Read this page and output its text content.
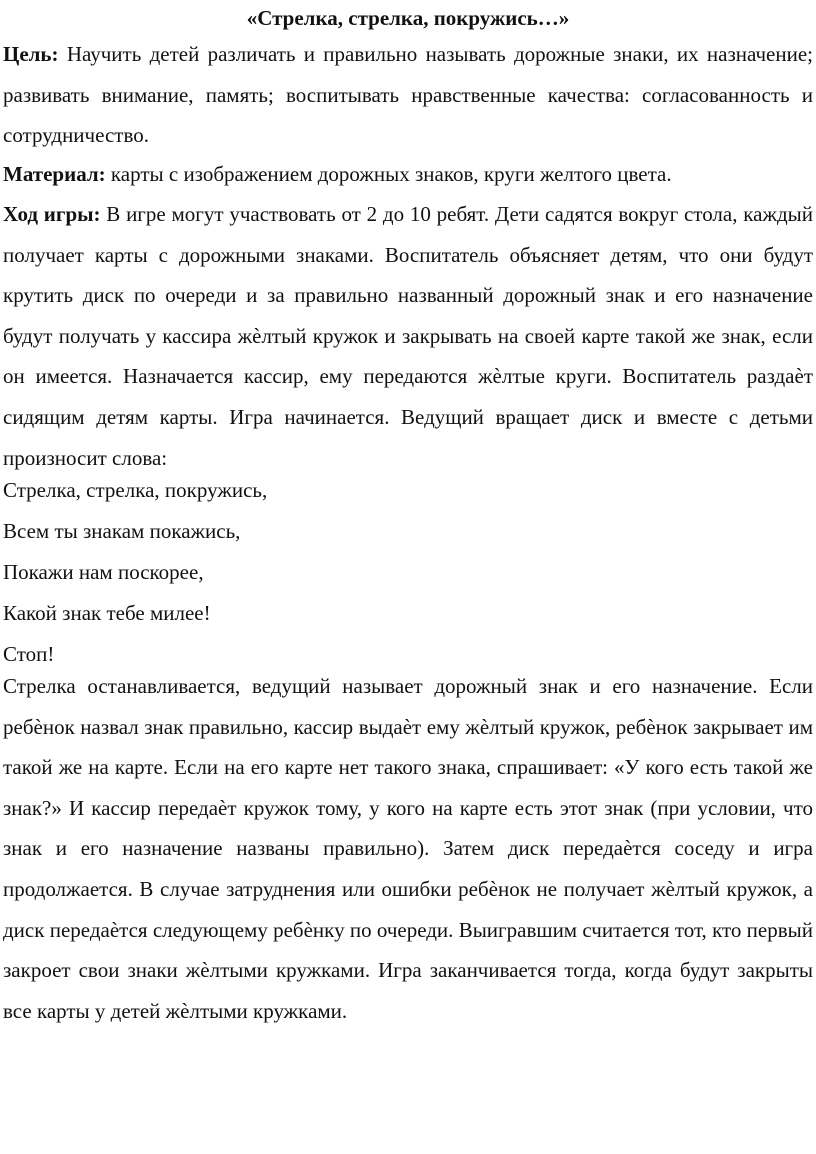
«Стрелка, стрелка, покружись…»

Цель: Научить детей различать и правильно называть дорожные знаки, их назначение; развивать внимание, память; воспитывать нравственные качества: согласованность и сотрудничество.

Материал: карты с изображением дорожных знаков, круги желтого цвета.

Ход игры: В игре могут участвовать от 2 до 10 ребят. Дети садятся вокруг стола, каждый получает карты с дорожными знаками. Воспитатель объясняет детям, что они будут крутить диск по очереди и за правильно названный дорожный знак и его назначение будут получать у кассира жѐлтый кружок и закрывать на своей карте такой же знак, если он имеется. Назначается кассир, ему передаются жѐлтые круги. Воспитатель раздаѐт сидящим детям карты. Игра начинается. Ведущий вращает диск и вместе с детьми произносит слова:

Стрелка, стрелка, покружись,

Всем ты знакам покажись,

Покажи нам поскорее,

Какой знак тебе милее!

Стоп!

Стрелка останавливается, ведущий называет дорожный знак и его назначение. Если ребѐнок назвал знак правильно, кассир выдаѐт ему жѐлтый кружок, ребѐнок закрывает им такой же на карте. Если на его карте нет такого знака, спрашивает: «У кого есть такой же знак?» И кассир передаѐт кружок тому, у кого на карте есть этот знак (при условии, что знак и его назначение названы правильно). Затем диск передаѐтся соседу и игра продолжается. В случае затруднения или ошибки ребѐнок не получает жѐлтый кружок, а диск передаѐтся следующему ребѐнку по очереди. Выигравшим считается тот, кто первый закроет свои знаки жѐлтыми кружками. Игра заканчивается тогда, когда будут закрыты все карты у детей жѐлтыми кружками.
